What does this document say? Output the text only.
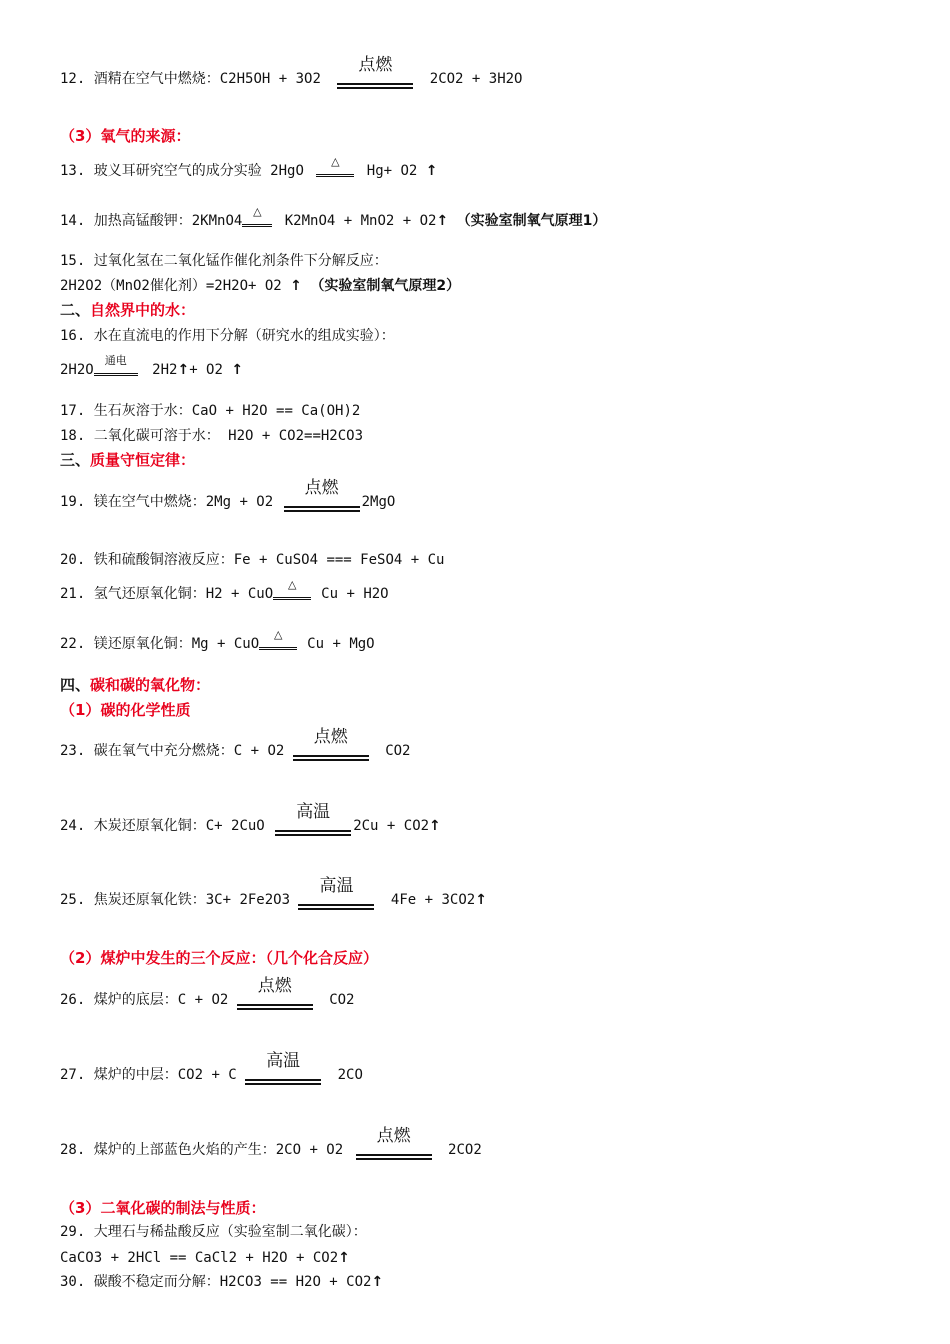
12. 酒精在空气中燃烧：C2H5OH + 3O2
点燃
2CO2 + 3H2O
（3）氧气的来源：
13. 玻义耳研究空气的成分实验 2HgO
△
Hg+ O2 ↑
14. 加热高锰酸钾：2KMnO4
△
K2MnO4 + MnO2 + O2↑ （实验室制氧气原理1）
15. 过氧化氢在二氧化锰作催化剂条件下分解反应：
2H2O2（MnO2催化剂）=2H2O+ O2 ↑ （实验室制氧气原理2）
二、自然界中的水：
16. 水在直流电的作用下分解（研究水的组成实验）：
2H2O
通电
2H2↑+ O2 ↑
17. 生石灰溶于水：CaO + H2O == Ca(OH)2
18. 二氧化碳可溶于水： H2O + CO2==H2CO3
三、质量守恒定律：
19. 镁在空气中燃烧：2Mg + O2
点燃
2MgO
20. 铁和硫酸铜溶液反应：Fe + CuSO4 === FeSO4 + Cu
21. 氢气还原氧化铜：H2 + CuO
△
Cu + H2O
22. 镁还原氧化铜：Mg + CuO
△
Cu + MgO
四、碳和碳的氧化物：
（1）碳的化学性质
23. 碳在氧气中充分燃烧：C + O2
点燃
CO2
24. 木炭还原氧化铜：C+ 2CuO
高温
2Cu + CO2↑
25. 焦炭还原氧化铁：3C+ 2Fe2O3
高温
4Fe + 3CO2↑
（2）煤炉中发生的三个反应：（几个化合反应）
26. 煤炉的底层：C + O2
点燃
CO2
27. 煤炉的中层：CO2 + C
高温
2CO
28. 煤炉的上部蓝色火焰的产生：2CO + O2
点燃
2CO2
（3）二氧化碳的制法与性质：
29. 大理石与稀盐酸反应（实验室制二氧化碳）：
CaCO3 + 2HCl == CaCl2 + H2O + CO2↑
30. 碳酸不稳定而分解：H2CO3 == H2O + CO2↑
